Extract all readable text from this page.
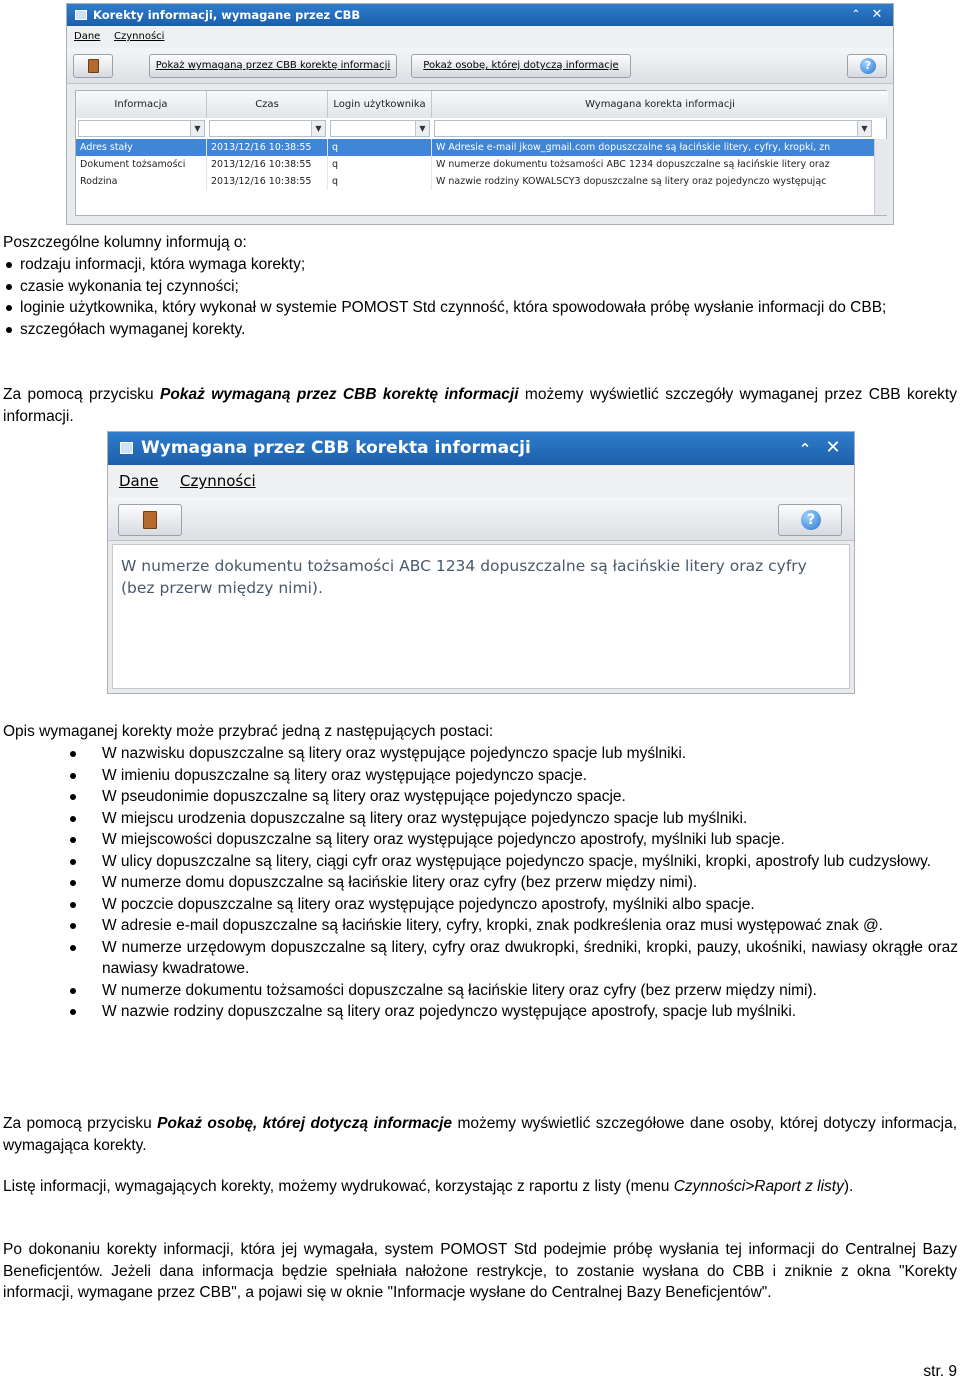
Korekty informacji, wymagane przez CBB	⌃ ✕
Dane Czynności
Pokaż wymaganą przez CBB korektę informacji	Pokaż osobę, której dotyczą informacje	?
Informacja	Czas	Login użytkownika	Wymagana korekta informacji
▼	▼	▼	▼
Adres stały	2013/12/16 10:38:55	q	W Adresie e-mail jkow_gmail.com dopuszczalne są łacińskie litery, cyfry, kropki, zn
Dokument tożsamości	2013/12/16 10:38:55	q	W numerze dokumentu tożsamości ABC 1234 dopuszczalne są łacińskie litery oraz
Rodzina	2013/12/16 10:38:55	q	W nazwie rodziny KOWALSCY3 dopuszczalne są litery oraz pojedynczo występując

Poszczególne kolumny informują o:

rodzaju informacji, która wymaga korekty;
czasie wykonania tej czynności;
loginie użytkownika, który wykonał w systemie POMOST Std czynność, która spowodowała próbę wysłanie informacji do CBB;
szczegółach wymaganej korekty.

Za pomocą przycisku Pokaż wymaganą przez CBB korektę informacji możemy wyświetlić szczegóły wymaganej przez CBB korekty informacji.

Wymagana przez CBB korekta informacji	⌃ ✕
Dane Czynności
?
W numerze dokumentu tożsamości ABC 1234 dopuszczalne są łacińskie litery oraz cyfry (bez przerw między nimi).

Opis wymaganej korekty może przybrać jedną z następujących postaci:

W nazwisku dopuszczalne są litery oraz występujące pojedynczo spacje lub myślniki.
W imieniu dopuszczalne są litery oraz występujące pojedynczo spacje.
W pseudonimie dopuszczalne są litery oraz występujące pojedynczo spacje.
W miejscu urodzenia dopuszczalne są litery oraz występujące pojedynczo spacje lub myślniki.
W miejscowości dopuszczalne są litery oraz występujące pojedynczo apostrofy, myślniki lub spacje.
W ulicy dopuszczalne są litery, ciągi cyfr oraz występujące pojedynczo spacje, myślniki, kropki, apostrofy lub cudzysłowy.
W numerze domu dopuszczalne są łacińskie litery oraz cyfry (bez przerw między nimi).
W poczcie dopuszczalne są litery oraz występujące pojedynczo apostrofy, myślniki albo spacje.
W adresie e-mail dopuszczalne są łacińskie litery, cyfry, kropki, znak podkreślenia oraz musi występować znak @.
W numerze urzędowym dopuszczalne są litery, cyfry oraz dwukropki, średniki, kropki, pauzy, ukośniki, nawiasy okrągłe oraz nawiasy kwadratowe.
W numerze dokumentu tożsamości dopuszczalne są łacińskie litery oraz cyfry (bez przerw między nimi).
W nazwie rodziny dopuszczalne są litery oraz pojedynczo występujące apostrofy, spacje lub myślniki.

Za pomocą przycisku Pokaż osobę, której dotyczą informacje możemy wyświetlić szczegółowe dane osoby, której dotyczy informacja, wymagająca korekty.

Listę informacji, wymagających korekty, możemy wydrukować, korzystając z raportu z listy (menu Czynności>Raport z listy).

Po dokonaniu korekty informacji, która jej wymagała, system POMOST Std podejmie próbę wysłania tej informacji do Centralnej Bazy Beneficjentów. Jeżeli dana informacja będzie spełniała nałożone restrykcje, to zostanie wysłana do CBB i zniknie z okna "Korekty informacji, wymagane przez CBB", a pojawi się w oknie "Informacje wysłane do Centralnej Bazy Beneficjentów".

str. 9
